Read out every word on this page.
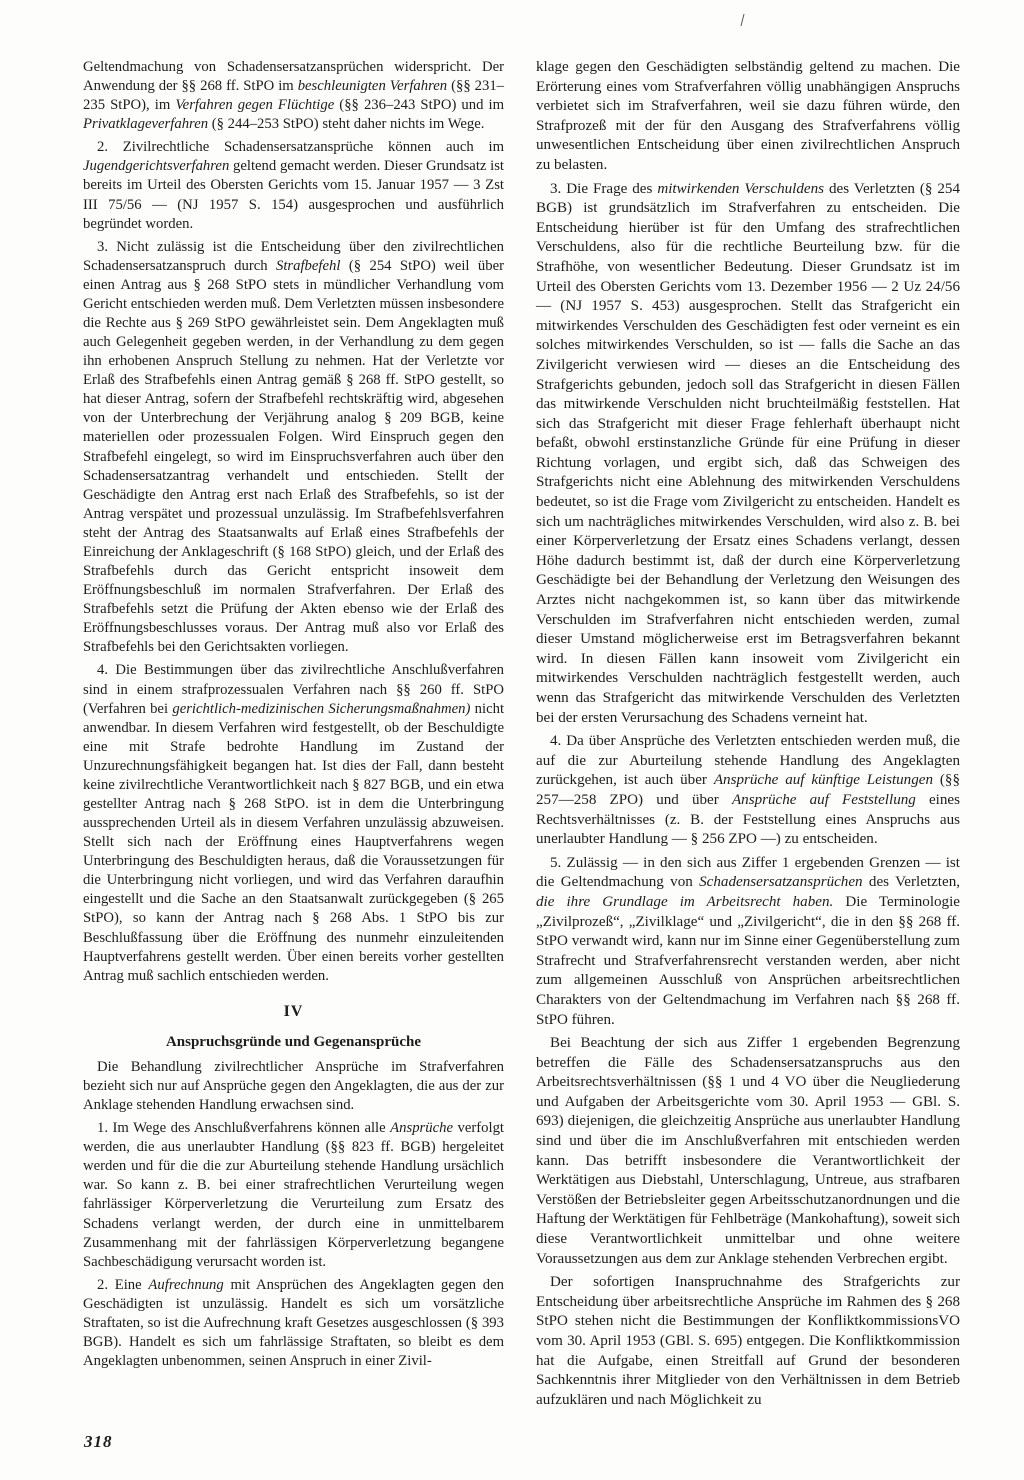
Geltendmachung von Schadensersatzansprüchen widerspricht. Der Anwendung der §§ 268 ff. StPO im beschleunigten Verfahren (§§ 231–235 StPO), im Verfahren gegen Flüchtige (§§ 236–243 StPO) und im Privatklageverfahren (§ 244–253 StPO) steht daher nichts im Wege.

2. Zivilrechtliche Schadensersatzansprüche können auch im Jugendgerichtsverfahren geltend gemacht werden. Dieser Grundsatz ist bereits im Urteil des Obersten Gerichts vom 15. Januar 1957 — 3 Zst III 75/56 — (NJ 1957 S. 154) ausgesprochen und ausführlich begründet worden.

3. Nicht zulässig ist die Entscheidung über den zivilrechtlichen Schadensersatzanspruch durch Strafbefehl (§ 254 StPO) weil über einen Antrag aus § 268 StPO stets in mündlicher Verhandlung vom Gericht entschieden werden muß. Dem Verletzten müssen insbesondere die Rechte aus § 269 StPO gewährleistet sein. Dem Angeklagten muß auch Gelegenheit gegeben werden, in der Verhandlung zu dem gegen ihn erhobenen Anspruch Stellung zu nehmen. Hat der Verletzte vor Erlaß des Strafbefehls einen Antrag gemäß § 268 ff. StPO gestellt, so hat dieser Antrag, sofern der Strafbefehl rechtskräftig wird, abgesehen von der Unterbrechung der Verjährung analog § 209 BGB, keine materiellen oder prozessualen Folgen. Wird Einspruch gegen den Strafbefehl eingelegt, so wird im Einspruchsverfahren auch über den Schadensersatzantrag verhandelt und entschieden. Stellt der Geschädigte den Antrag erst nach Erlaß des Strafbefehls, so ist der Antrag verspätet und prozessual unzulässig. Im Strafbefehlsverfahren steht der Antrag des Staatsanwalts auf Erlaß eines Strafbefehls der Einreichung der Anklageschrift (§ 168 StPO) gleich, und der Erlaß des Strafbefehls durch das Gericht entspricht insoweit dem Eröffnungsbeschluß im normalen Strafverfahren. Der Erlaß des Strafbefehls setzt die Prüfung der Akten ebenso wie der Erlaß des Eröffnungsbeschlusses voraus. Der Antrag muß also vor Erlaß des Strafbefehls bei den Gerichtsakten vorliegen.

4. Die Bestimmungen über das zivilrechtliche Anschlußverfahren sind in einem strafprozessualen Verfahren nach §§ 260 ff. StPO (Verfahren bei gerichtlich-medizinischen Sicherungsmaßnahmen) nicht anwendbar. In diesem Verfahren wird festgestellt, ob der Beschuldigte eine mit Strafe bedrohte Handlung im Zustand der Unzurechnungsfähigkeit begangen hat. Ist dies der Fall, dann besteht keine zivilrechtliche Verantwortlichkeit nach § 827 BGB, und ein etwa gestellter Antrag nach § 268 StPO. ist in dem die Unterbringung aussprechenden Urteil als in diesem Verfahren unzulässig abzuweisen. Stellt sich nach der Eröffnung eines Hauptverfahrens wegen Unterbringung des Beschuldigten heraus, daß die Voraussetzungen für die Unterbringung nicht vorliegen, und wird das Verfahren daraufhin eingestellt und die Sache an den Staatsanwalt zurückgegeben (§ 265 StPO), so kann der Antrag nach § 268 Abs. 1 StPO bis zur Beschlußfassung über die Eröffnung des nunmehr einzuleitenden Hauptverfahrens gestellt werden. Über einen bereits vorher gestellten Antrag muß sachlich entschieden werden.

IV
Anspruchsgründe und Gegenansprüche

Die Behandlung zivilrechtlicher Ansprüche im Strafverfahren bezieht sich nur auf Ansprüche gegen den Angeklagten, die aus der zur Anklage stehenden Handlung erwachsen sind.

1. Im Wege des Anschlußverfahrens können alle Ansprüche verfolgt werden, die aus unerlaubter Handlung (§§ 823 ff. BGB) hergeleitet werden und für die die zur Aburteilung stehende Handlung ursächlich war. So kann z. B. bei einer strafrechtlichen Verurteilung wegen fahrlässiger Körperverletzung die Verurteilung zum Ersatz des Schadens verlangt werden, der durch eine in unmittelbarem Zusammenhang mit der fahrlässigen Körperverletzung begangene Sachbeschädigung verursacht worden ist.

2. Eine Aufrechnung mit Ansprüchen des Angeklagten gegen den Geschädigten ist unzulässig. Handelt es sich um vorsätzliche Straftaten, so ist die Aufrechnung kraft Gesetzes ausgeschlossen (§ 393 BGB). Handelt es sich um fahrlässige Straftaten, so bleibt es dem Angeklagten unbenommen, seinen Anspruch in einer Zivil-

klage gegen den Geschädigten selbständig geltend zu machen. Die Erörterung eines vom Strafverfahren völlig unabhängigen Anspruchs verbietet sich im Strafverfahren, weil sie dazu führen würde, den Strafprozeß mit der für den Ausgang des Strafverfahrens völlig unwesentlichen Entscheidung über einen zivilrechtlichen Anspruch zu belasten.

3. Die Frage des mitwirkenden Verschuldens des Verletzten (§ 254 BGB) ist grundsätzlich im Strafverfahren zu entscheiden. Die Entscheidung hierüber ist für den Umfang des strafrechtlichen Verschuldens, also für die rechtliche Beurteilung bzw. für die Strafhöhe, von wesentlicher Bedeutung. Dieser Grundsatz ist im Urteil des Obersten Gerichts vom 13. Dezember 1956 — 2 Uz 24/56 — (NJ 1957 S. 453) ausgesprochen. Stellt das Strafgericht ein mitwirkendes Verschulden des Geschädigten fest oder verneint es ein solches mitwirkendes Verschulden, so ist — falls die Sache an das Zivilgericht verwiesen wird — dieses an die Entscheidung des Strafgerichts gebunden, jedoch soll das Strafgericht in diesen Fällen das mitwirkende Verschulden nicht bruchteilmäßig feststellen. Hat sich das Strafgericht mit dieser Frage fehlerhaft überhaupt nicht befaßt, obwohl erstinstanzliche Gründe für eine Prüfung in dieser Richtung vorlagen, und ergibt sich, daß das Schweigen des Strafgerichts nicht eine Ablehnung des mitwirkenden Verschuldens bedeutet, so ist die Frage vom Zivilgericht zu entscheiden. Handelt es sich um nachträgliches mitwirkendes Verschulden, wird also z. B. bei einer Körperverletzung der Ersatz eines Schadens verlangt, dessen Höhe dadurch bestimmt ist, daß der durch eine Körperverletzung Geschädigte bei der Behandlung der Verletzung den Weisungen des Arztes nicht nachgekommen ist, so kann über das mitwirkende Verschulden im Strafverfahren nicht entschieden werden, zumal dieser Umstand möglicherweise erst im Betragsverfahren bekannt wird. In diesen Fällen kann insoweit vom Zivilgericht ein mitwirkendes Verschulden nachträglich festgestellt werden, auch wenn das Strafgericht das mitwirkende Verschulden des Verletzten bei der ersten Verursachung des Schadens verneint hat.

4. Da über Ansprüche des Verletzten entschieden werden muß, die auf die zur Aburteilung stehende Handlung des Angeklagten zurückgehen, ist auch über Ansprüche auf künftige Leistungen (§§ 257—258 ZPO) und über Ansprüche auf Feststellung eines Rechtsverhältnisses (z. B. der Feststellung eines Anspruchs aus unerlaubter Handlung — § 256 ZPO —) zu entscheiden.

5. Zulässig — in den sich aus Ziffer 1 ergebenden Grenzen — ist die Geltendmachung von Schadensersatzansprüchen des Verletzten, die ihre Grundlage im Arbeitsrecht haben. Die Terminologie „Zivilprozeß“, „Zivilklage“ und „Zivilgericht“, die in den §§ 268 ff. StPO verwandt wird, kann nur im Sinne einer Gegenüberstellung zum Strafrecht und Strafverfahrensrecht verstanden werden, aber nicht zum allgemeinen Ausschluß von Ansprüchen arbeitsrechtlichen Charakters von der Geltendmachung im Verfahren nach §§ 268 ff. StPO führen.

Bei Beachtung der sich aus Ziffer 1 ergebenden Begrenzung betreffen die Fälle des Schadensersatzanspruchs aus den Arbeitsrechtsverhältnissen (§§ 1 und 4 VO über die Neugliederung und Aufgaben der Arbeitsgerichte vom 30. April 1953 — GBl. S. 693) diejenigen, die gleichzeitig Ansprüche aus unerlaubter Handlung sind und über die im Anschlußverfahren mit entschieden werden kann. Das betrifft insbesondere die Verantwortlichkeit der Werktätigen aus Diebstahl, Unterschlagung, Untreue, aus strafbaren Verstößen der Betriebsleiter gegen Arbeitsschutzanordnungen und die Haftung der Werktätigen für Fehlbeträge (Mankohaftung), soweit sich diese Verantwortlichkeit unmittelbar und ohne weitere Voraussetzungen aus dem zur Anklage stehenden Verbrechen ergibt.

Der sofortigen Inanspruchnahme des Strafgerichts zur Entscheidung über arbeitsrechtliche Ansprüche im Rahmen des § 268 StPO stehen nicht die Bestimmungen der KonfliktkommissionsVO vom 30. April 1953 (GBl. S. 695) entgegen. Die Konfliktkommission hat die Aufgabe, einen Streitfall auf Grund der besonderen Sachkenntnis ihrer Mitglieder von den Verhältnissen in dem Betrieb aufzuklären und nach Möglichkeit zu

318
